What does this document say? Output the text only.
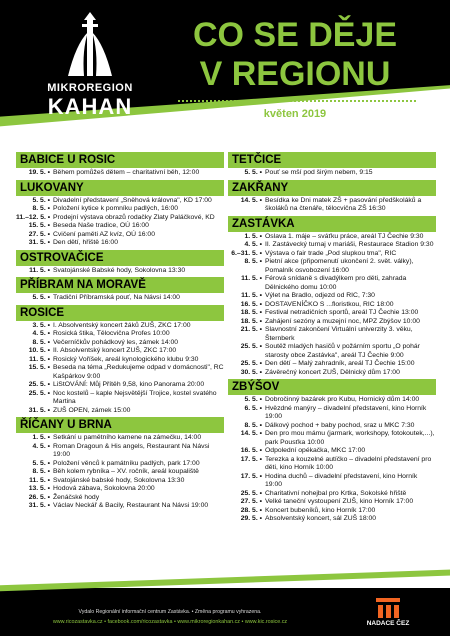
MIKROREGION
KAHAN
CO SE DĚJE
V REGIONU
květen 2019
BABICE U ROSIC
19. 5. • Během pomůžeš dětem – charitativní běh, 12:00
LUKOVANY
5. 5. • Divadelní představení „Sněhová královna", KD 17:00
8. 5. • Položení kytice k pomníku padlých, 16:00
11.–12. 5. • Prodejní výstava obrazů rodačky Zlaty Paláčkové, KD
15. 5. • Beseda Naše tradice, OÚ 16:00
27. 5. • Cvičení paměti AZ kvíz, OÚ 16:00
31. 5. • Den dětí, hřiště 16:00
OSTROVAČICE
11. 5. • Svatojánské Babské hody, Sokolovna 13:30
PŘÍBRAM NA MORAVĚ
5. 5. • Tradiční Příbramská pouť, Na Návsi 14:00
ROSICE
3. 5. • I. Absolventský koncert žáků ZUŠ, ZKC 17:00
4. 5. • Rosická štika, Tělocvična Profes 10:00
8. 5. • Večerníčkův pohádkový les, zámek 14:00
10. 5. • II. Absolventský koncert ZUŠ, ZKC 17:00
11. 5. • Rosický Voříšek, areál kynologického klubu 9:30
15. 5. • Beseda na téma „Redukujeme odpad v domácnosti", RC Kašpárkov 9:00
25. 5. • LiStOVÁNÍ: Můj Přítěh 9,58, kino Panorama 20:00
25. 5. • Noc kostelů – kaple Nejsvětější Trojice, kostel svatého Martina
31. 5. • ZUŠ OPEN, zámek 15:00
ŘÍČANY U BRNA
1. 5. • Setkání u pamětního kamene na zámečku, 14:00
4. 5. • Roman Dragoun & His angels, Restaurant Na Návsi 19:00
5. 5. • Položení věnců k památníku padlých, park 17:00
8. 5. • Běh kolem rybníka – XV. ročník, areál koupaliště
11. 5. • Svatojánské babské hody, Sokolovna 13:30
13. 5. • Hodová zábava, Sokolovna 20:00
26. 5. • Ženáčské hody
31. 5. • Václav Neckář & Bacily, Restaurant Na Návsi 19:00
TETČICE
5. 5. • Pouť se mší pod širým nebem, 9:15
ZAKŘANY
14. 5. • Besídka ke Dni matek ZŠ + pasování předškoláků a školáků na čtenáře, tělocvična ZŠ 16:30
ZASTÁVKA
1. 5. • Oslava 1. máje – sváťku práce, areál TJ Čechie 9:30
4. 5. • II. Zastávecký turnaj v mariáši, Restaurace Stadion 9:30
6.–31. 5. • Výstava o fair trade „Pod slupkou tma", RIC
8. 5. • Pietní akce (připomenutí ukončení 2. svět. války), Pomalník osvobození 16:00
11. 5. • Férová snídaně s divadýlkem pro děti, zahrada Dělnického domu 10:00
11. 5. • Výlet na Bradlo, odjezd od RIC, 7:30
16. 5. • DOSTAVENÍČKO S ...floristkou, RIC 18:00
18. 5. • Festival netradičních sportů, areál TJ Čechie 13:00
18. 5. • Zahájení sezóny a muzejní noc, MPZ Zbýšov 10:00
21. 5. • Slavnostní zakončení Virtuální univerzity 3. věku, Šternberk
25. 5. • Soutěž mladých hasičů v požárním sportu „O pohár starosty obce Zastávka", areál TJ Čechie 9:00
25. 5. • Den dětí – Malý zahradník, areál TJ Čechie 15:00
30. 5. • Závěrečný koncert ZUŠ, Dělnický dům 17:00
ZBÝŠOV
5. 5. • Dobročinný bazárek pro Kubu, Hornický dům 14:00
6. 5. • Hvězdné manýry – divadelní představení, kino Horník 19:00
8. 5. • Dálkový pochod + baby pochod, sraz u MKC 7:30
14. 5. • Den pro mou mámu (jarmark, workshopy, fotokoutek,...), park Pousťka 10:00
16. 5. • Odpolední opékačka, MKC 17:00
17. 5. • Terezka a kouzelné autíčko – divadelní představení pro děti, kino Horník 10:00
17. 5. • Hodina duchů – divadelní představení, kino Horník 19:00
25. 5. • Charitativní nohejbal pro Krtka, Sokolské hřiště
27. 5. • Velké taneční vystoupení ZUŠ, kino Horník 17:00
28. 5. • Koncert bubeníků, kino Horník 17:00
29. 5. • Absolventský koncert, sál ZUŠ 18:00
Vydalo Regionální informační centrum Zastávka. • Změna programu vyhrazena.
www.ricozastavka.cz • facebook.com/ricozastavka • www.mikroregionkahan.cz • www.kic.rosice.cz	NADACE ČEZ
